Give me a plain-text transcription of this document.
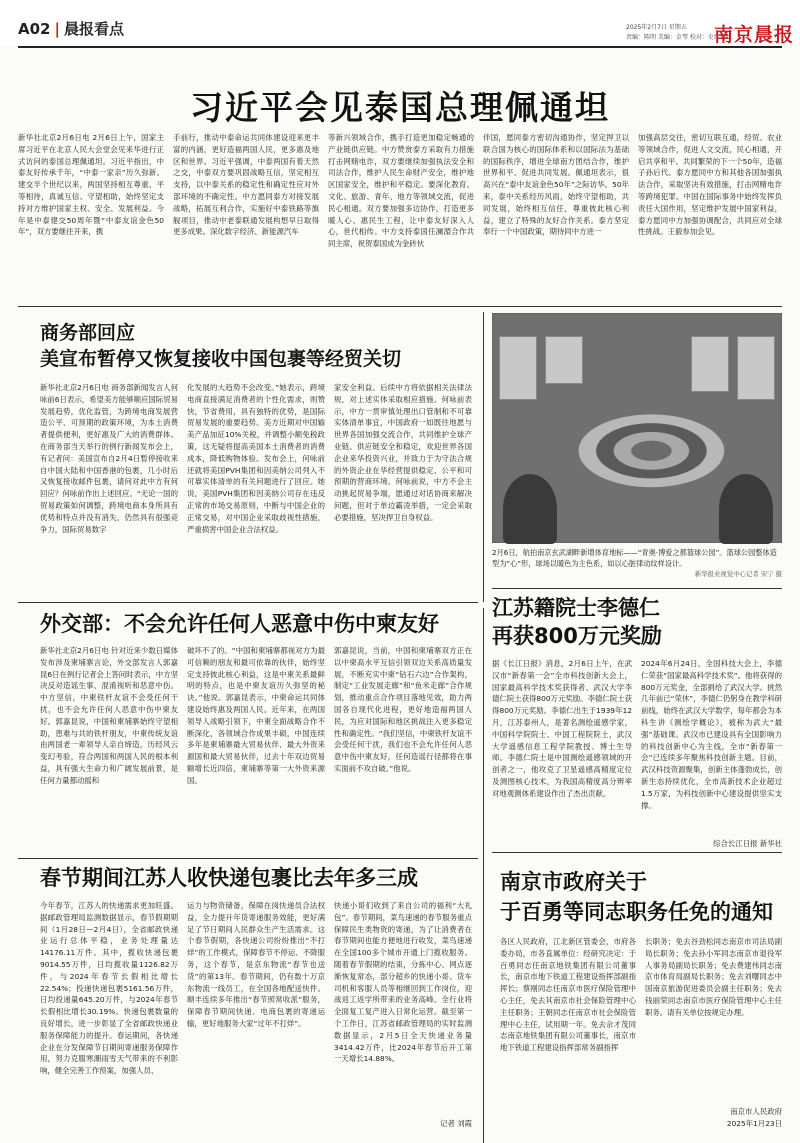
A02 | 晨报看点	2025年2月7日 星期五
责编：陈明 美编：金琴 校对：史红岩
南京晨报
习近平会见泰国总理佩通坦
新华社北京2月6日电 2月6日上午，国家主席习近平在北京人民大会堂会见来华进行正式访问的泰国总理佩通坦。习近平指出，中泰友好传承千年，“中泰一家亲”历久弥新。建交半个世纪以来，两国坚持相互尊重、平等相待，真诚互信、守望相助，始终坚定支持对方维护国家主权、安全、发展利益。今年是中泰建交50周年暨“中泰友谊金色50年”，双方要继往开来，携
手前行，推动中泰命运共同体建设迎来更丰富的内涵，更好造福两国人民，更多惠及地区和世界。习近平强调，中泰两国有着天然之交，中泰双方要巩固战略互信，坚定相互支持，以中泰关系的稳定性和确定性应对外部环境的不确定性。中方愿同泰方对接发展战略，拓展互利合作，实施好中泰铁路等旗舰项目，推动中老泰联通发展构想早日取得更多成果。深化数字经济、新能源汽车
等新兴领域合作，携手打造更加稳定畅通的产业链供应链。中方赞赏泰方采取有力措施打击网赌电诈，双方要继续加强执法安全和司法合作，维护人民生命财产安全，维护地区国家安全，维护和平稳定。要深化教育、文化、旅游、青年、地方等领域交流，促进民心相通。双方要加强多边协作，打造更多暖人心、惠民生工程，让中泰友好深入人心，世代相传。中方支持泰国任澜湄合作共同主席，祝贺泰国成为金砖伙
伴国，愿同泰方密切沟通协作，坚定捍卫以联合国为核心的国际体系和以国际法为基础的国际秩序，增进全球南方团结合作，维护世界和平、促进共同发展。佩通坦表示，很高兴在“泰中友谊金色50年”之际访华。50年来，泰中关系经历风雨，始终守望相助，共同发展，始终相互信任，尊重彼此核心利益，建立了特殊的友好合作关系。泰方坚定奉行一个中国政策，期待同中方进一
加强高层交往，密切互联互通，经贸、农业等领域合作，促进人文交流，民心相通，开启共享和平、共同繁荣的下一个50年，造福子孙后代。泰方愿同中方和其他各国加强执法合作，采取坚决有效措施，打击网赌电诈等跨境犯罪。中国在国际事务中始终发挥负责任大国作用，坚定维护发展中国家利益，泰方愿同中方加强协调配合，共同应对全球性挑战。王毅参加会见。
商务部回应
美宣布暂停又恢复接收中国包裹等经贸关切
新华社北京2月6日电 商务部新闻发言人何咏前6日表示，希望美方能够顺应国际贸易发展趋势，优化监管，为跨境电商发展营造公平、可预期的政策环境，为本土消费者提供便利，更好惠及广大的消费群体。在商务部当天举行的例行新闻发布会上，有记者问：美国宣布自2月4日暂停接收来自中国大陆和中国香港的包裹，几小时后又恢复接收邮件包裹，请问对此中方有何回应？何咏前作出上述回应。“无论一国的贸易政策如何调整，跨境电商本身所具有优势和特点并没有消失，仍然具有很强竞争力，国际贸易数字
化发展的大趋势不会改变。”她表示，跨境电商直接满足消费者的个性化需求，则赞快，节省费用，具有独特的优势，是国际贸易发展的重要趋势。美方近期对中国输美产品加征10%关税，并调整小额免税政策，这无疑将提高美国本土消费者的消费成本，降低购物体验。发布会上，何咏前还就将美国PVH集团和因美纳公司列入不可靠实体清单的有关问题进行了回应。她说，美国PVH集团和因美纳公司存在违反正常的市场交易原则，中断与中国企业的正常交易，对中国企业采取歧视性措施，严重损害中国企业合法权益。
家安全利益。后续中方将依据相关法律法规，对上述实体采取相应措施。何咏前表示，中方一贯审慎处理出口管制和不可靠实体清单事宜，中国政府一如既往地愿与世界各国加强交流合作，共同维护全球产业链、供应链安全和稳定，欢迎世界各国企业来华投资兴业，并致力于为守法合规的外资企业在华经营提供稳定、公平和可预期的营商环境。何咏前说，中方不会主动挑起贸易争端，愿通过对话协商来解决问题，但对于单边霸凌举措，一定会采取必要措施，坚决捍卫自身权益。
2月6日，航拍南京玄武湖畔新增体育地标——“青奥·博爱之都篮球公园”。篮球公园整体造型为“心”形，球场以暖色为主色系，如以心脏律动纹样设计。
新华报业视觉中心记者 宋宁 摄
外交部：不会允许任何人恶意中伤中柬友好
新华社北京2月6日电 针对近来少数日媒体发布涉及柬埔寨言论，外交部发言人郭嘉昆6日在例行记者会上答问时表示，中方坚决反对造谣生事、混淆视听和恶意中伤。中方坚信，中柬铁杆友谊不会受任何干扰，也不会允许任何人恶意中伤中柬友好。郭嘉昆说，中国和柬埔寨始终守望相助，患难与共的铁杆朋友，中柬传统友谊由两国老一辈领导人亲自缔造，历经风云变幻考验，符合两国和两国人民的根本利益，具有强大生命力和广阔发展前景，是任何力量都动摇和
破坏不了的。“中国和柬埔寨都视对方为最可信赖的朋友和最可依靠的伙伴，始终坚定支持彼此核心利益，这是中柬关系最鲜明的特点，也是中柬友谊历久弥坚的秘诀。”他说。郭嘉昆表示，中柬命运共同体建设始终惠及两国人民。近年来，在两国领导人战略引领下，中柬全面战略合作不断深化，各领域合作成果丰硕，中国连续多年是柬埔寨最大贸易伙伴、最大外资来源国和最大贸易伙伴，过去十年双边贸易额增长近四倍，柬埔寨等第一大外资来源国。
郭嘉昆说，当前，中国和柬埔寨双方正在以中柬高水平互信引领双边关系高质量发展，不断充实中柬“钻石六边”合作架构，制定“工业发展走廊”和“鱼米走廊”合作规划，推动重点合作项目落地见效，助力两国各自现代化进程，更好地造福两国人民，为应对国际和地区挑战注入更多稳定性和确定性。“我们坚信，中柬铁杆友谊不会受任何干扰，我们也不会允许任何人恶意中伤中柬友好，任何造谣行径都将在事实面前不攻自破。”他说。
江苏籍院士李德仁
再获800万元奖励
据《长江日报》消息，2月6日上午，在武汉市“新春第一会”全市科技创新大会上，国家最高科学技术奖获得者、武汉大学李德仁院士获得800万元奖励。李德仁院士获得800万元奖励。李德仁出生于1939年12月，江苏泰州人，是著名测绘遥感学家，中国科学院院士、中国工程院院士，武汉大学遥感信息工程学院教授、博士生导师。李德仁院士是中国测绘遥感领域的开创者之一，他攻克了卫星遥感高精度定位及测图核心技术，为我国高精度高分辨率对地观测体系建设作出了杰出贡献。
2024年6月24日，全国科技大会上，李德仁荣获“国家最高科学技术奖”。他将获得的800万元奖金，全部捐给了武汉大学。挑然几年前已“荣休”，李德仁仍躬身在教学科研前线，始终在武汉大学数学，每年都会为本科生讲《测绘学概论》，被称为武大“最强”基础课。武汉市已建设具有全国影响力的科技创新中心为主线，全市“新春第一会”已连续多年聚焦科技创新主题。目前，武汉科技资源聚集，创新主体蓬勃成长，创新生态持续优化，全市高新技术企业超过1.5万家，为科技创新中心建设提供坚实支撑。
综合长江日报 新华社
春节期间江苏人收快递包裹比去年多三成
今年春节，江苏人的快递需求更加旺盛。据邮政管理局监测数据显示，春节假期期间（1月28日—2月4日），全省邮政快递业运行总体平稳，业务处理量达14176.11万件。其中，揽收快递包裹9014.55万件，日均揽收量1126.82万件，与2024年春节长假相比增长22.54%；投递快递包裹5161.56万件，日均投递量645.20万件，与2024年春节长假相比增长30.19%。快递包裹数量的良好增长，进一步彰显了全省邮政快递业服务保障能力的提升。春运期间，各快递企业在分发保障节日期间寄递服务保障作用，努力克服寒潮雨雪天气带来的不利影响，健全完善工作预案，加强人员、
运力与物资储备，保障在岗快递员合法权益，全力提升年货寄递服务效能，更好满足了节日期间人民群众生产生活需求。这个春节假期，各快递公司纷纷推出“不打烊”的工作模式，保障春节不停运、不降服务，这个春节，是京东物流“春节也送货”的第13年。春节期间，仍有数十万京东物流一线员工，在全国各地配送快件。顺丰连续多年推出“春节照常收派”服务，保障春节期间快递、电商包裹的寄递运输，更好地服务大家“过年不打烊”。
快递小哥们收到了来自公司的福利“大礼包”。春节期间，菜鸟速递的春节服务重点保障民生类物资的寄递，为了让消费者在春节期间也能方便地进行收发，菜鸟速递在全国100多个城市开通上门揽收服务。随着春节假期的结束，分拣中心、网点逐渐恢复常态，部分超乡的快递小哥、货车司机和客服人员等相继回到工作岗位，迎战返工返学所带来的业务高峰。全行业将全面复工复产进入日常化运营。截至第一个工作日，江苏省邮政管理局的实时监测数据显示，2月5日全天快递业务量3414.42万件，比2024年春节后开工第一天增长14.88%。
记者 刘霞
南京市政府关于
于百勇等同志职务任免的通知
各区人民政府，江北新区管委会，市府各委办局，市各直属单位：经研究决定：于百勇同志任南京地铁集团有限公司董事长，南京市地下铁道工程建设指挥部副指挥长；蔡刚同志任南京市医疗保险管理中心主任，免去其南京市社会保险管理中心主任职务；王朝同志任南京市社会保险管理中心主任，试用期一年。免去佘才茂同志南京地铁集团有限公司董事长，南京市地下铁道工程建设指挥部常务副指挥
长职务；免去谷劲松同志南京市司法局副局长职务；免去孙小军同志南京市退役军人事务局副局长职务；免去费建伟同志南京市体育局副局长职务；免去刘曙同志中国南京旅游促进委员会副主任职务；免去钱丽荣同志南京市医疗保险管理中心主任职务。请有关单位按规定办理。
南京市人民政府
2025年1月23日
